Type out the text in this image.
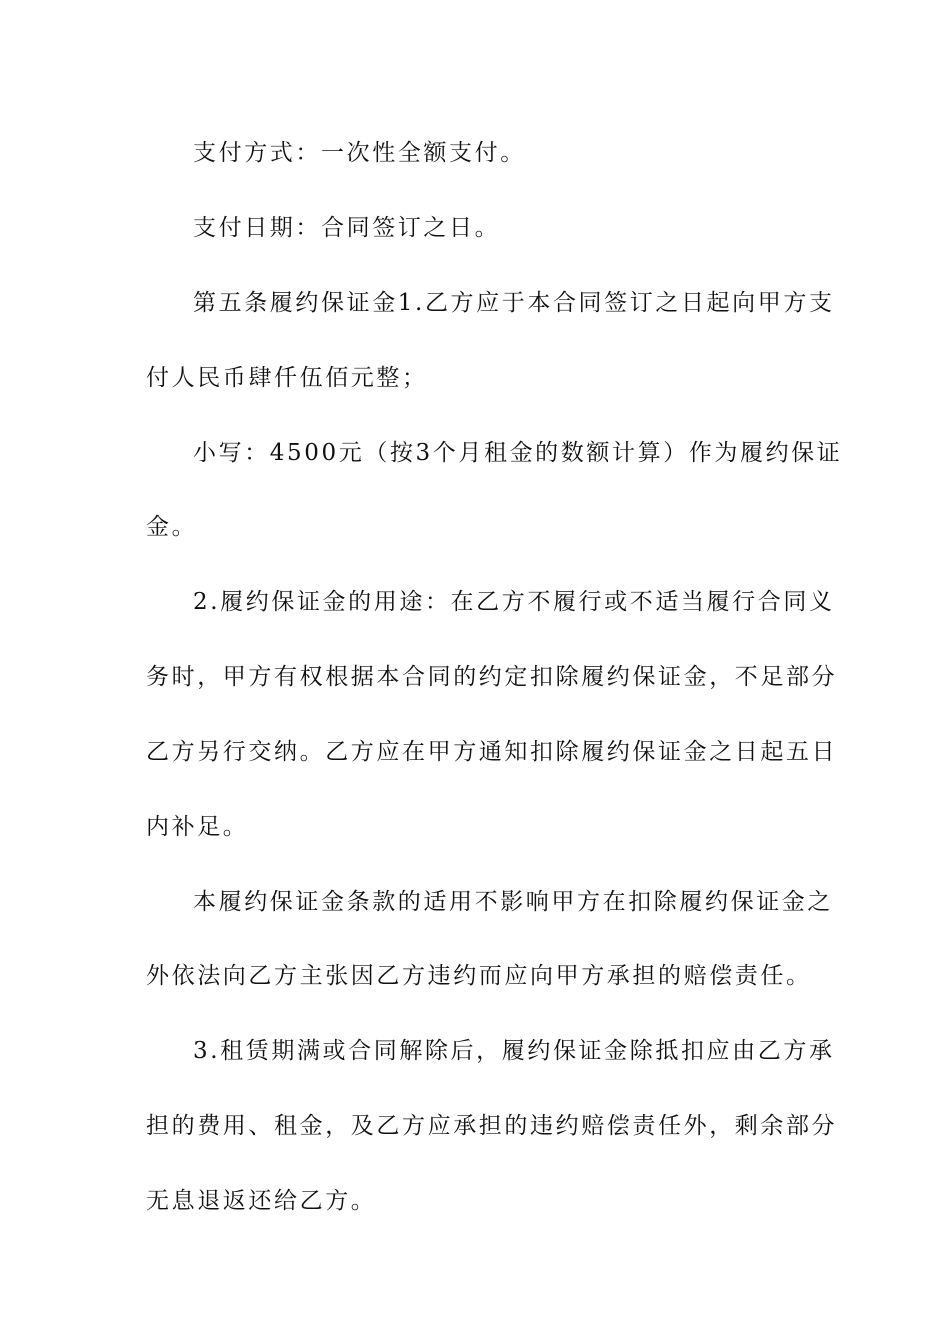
支付方式：一次性全额支付。

支付日期：合同签订之日。

第五条履约保证金1.乙方应于本合同签订之日起向甲方支

付人民币肆仟伍佰元整；

小写：4500元（按3个月租金的数额计算）作为履约保证

金。

2.履约保证金的用途：在乙方不履行或不适当履行合同义

务时，甲方有权根据本合同的约定扣除履约保证金，不足部分

乙方另行交纳。乙方应在甲方通知扣除履约保证金之日起五日

内补足。

本履约保证金条款的适用不影响甲方在扣除履约保证金之

外依法向乙方主张因乙方违约而应向甲方承担的赔偿责任。

3.租赁期满或合同解除后，履约保证金除抵扣应由乙方承

担的费用、租金，及乙方应承担的违约赔偿责任外，剩余部分

无息退返还给乙方。
